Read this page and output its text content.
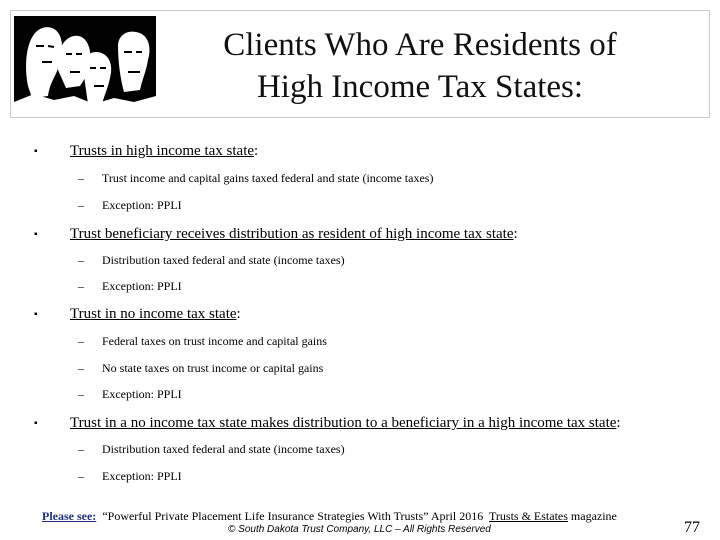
Clients Who Are Residents of
High Income Tax States:
▪ Trusts in high income tax state:
– Trust income and capital gains taxed federal and state (income taxes)
– Exception: PPLI
▪ Trust beneficiary receives distribution as resident of high income tax state:
– Distribution taxed federal and state (income taxes)
– Exception: PPLI
▪ Trust in no income tax state:
– Federal taxes on trust income and capital gains
– No state taxes on trust income or capital gains
– Exception: PPLI
▪ Trust in a no income tax state makes distribution to a beneficiary in a high income tax state:
– Distribution taxed federal and state (income taxes)
– Exception: PPLI
Please see: “Powerful Private Placement Life Insurance Strategies With Trusts” April 2016 Trusts & Estates magazine
© South Dakota Trust Company, LLC – All Rights Reserved	77
